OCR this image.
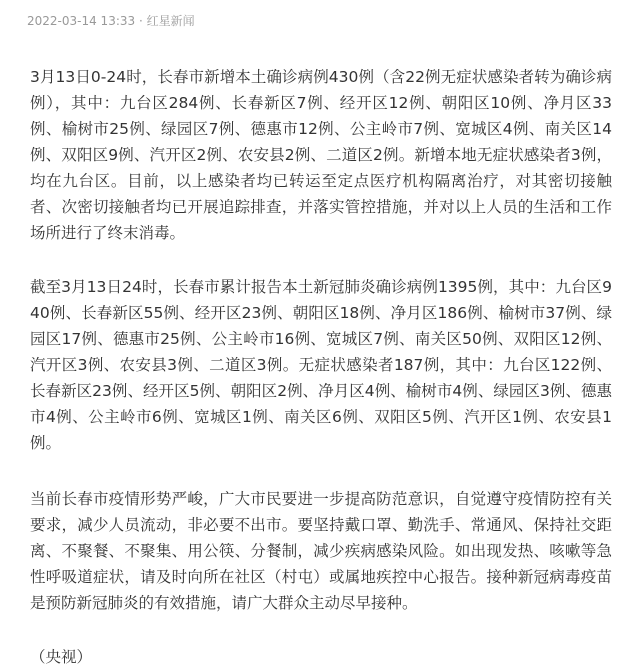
2022-03-14 13:33 · 红星新闻

3月13日0-24时，长春市新增本土确诊病例430例（含22例无症状感染者转为确诊病例），其中：九台区284例、长春新区7例、经开区12例、朝阳区10例、净月区33例、榆树市25例、绿园区7例、德惠市12例、公主岭市7例、宽城区4例、南关区14例、双阳区9例、汽开区2例、农安县2例、二道区2例。新增本地无症状感染者3例，均在九台区。目前，以上感染者均已转运至定点医疗机构隔离治疗，对其密切接触者、次密切接触者均已开展追踪排查，并落实管控措施，并对以上人员的生活和工作场所进行了终末消毒。

截至3月13日24时，长春市累计报告本土新冠肺炎确诊病例1395例，其中：九台区940例、长春新区55例、经开区23例、朝阳区18例、净月区186例、榆树市37例、绿园区17例、德惠市25例、公主岭市16例、宽城区7例、南关区50例、双阳区12例、汽开区3例、农安县3例、二道区3例。无症状感染者187例，其中：九台区122例、长春新区23例、经开区5例、朝阳区2例、净月区4例、榆树市4例、绿园区3例、德惠市4例、公主岭市6例、宽城区1例、南关区6例、双阳区5例、汽开区1例、农安县1例。

当前长春市疫情形势严峻，广大市民要进一步提高防范意识，自觉遵守疫情防控有关要求，减少人员流动，非必要不出市。要坚持戴口罩、勤洗手、常通风、保持社交距离、不聚餐、不聚集、用公筷、分餐制，减少疾病感染风险。如出现发热、咳嗽等急性呼吸道症状，请及时向所在社区（村屯）或属地疾控中心报告。接种新冠病毒疫苗是预防新冠肺炎的有效措施，请广大群众主动尽早接种。

（央视）
